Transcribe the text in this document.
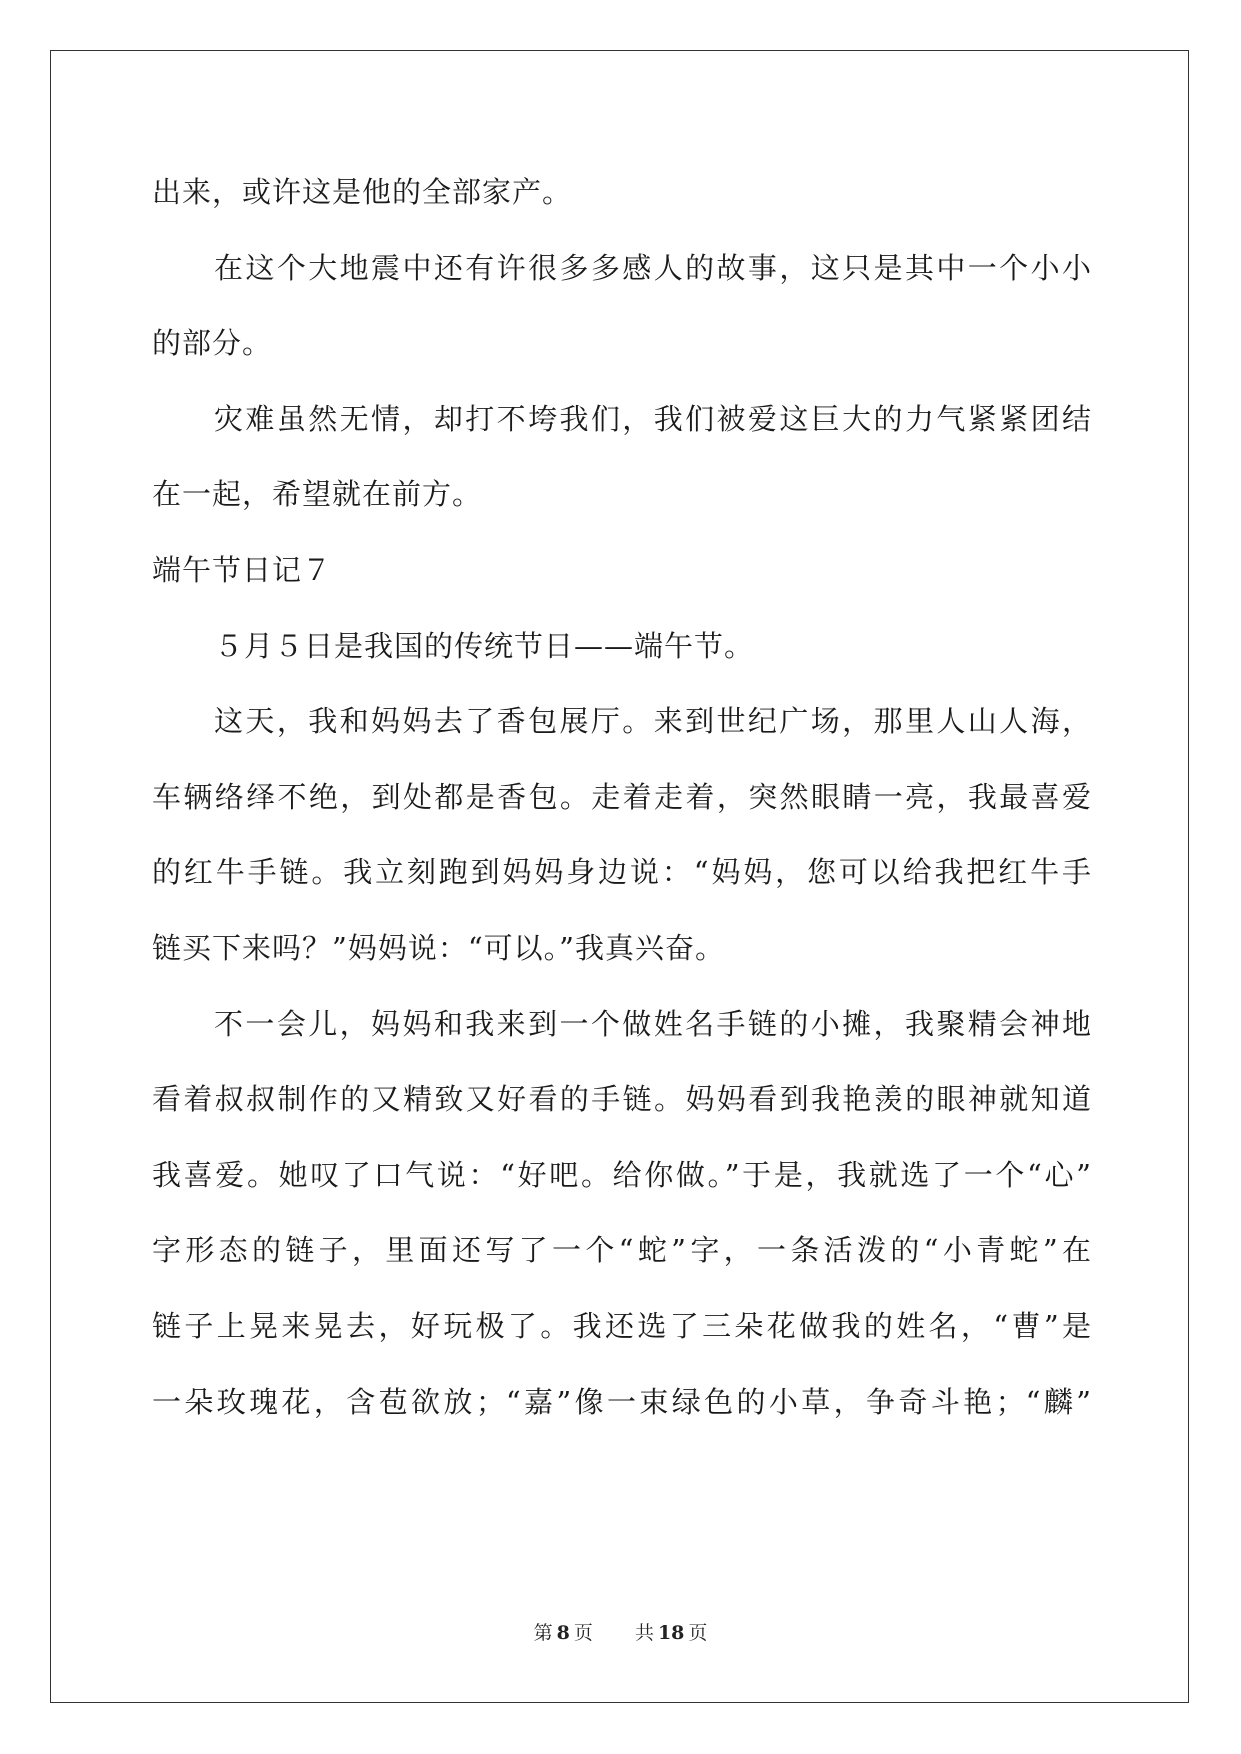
出来，或许这是他的全部家产。
在这个大地震中还有许很多多感人的故事，这只是其中一个小小
的部分。
灾难虽然无情，却打不垮我们，我们被爱这巨大的力气紧紧团结
在一起，希望就在前方。
端午节日记７
５月５日是我国的传统节日——端午节。
这天，我和妈妈去了香包展厅。来到世纪广场，那里人山人海，
车辆络绎不绝，到处都是香包。走着走着，突然眼睛一亮，我最喜爱
的红牛手链。我立刻跑到妈妈身边说：“妈妈，您可以给我把红牛手
链买下来吗？”妈妈说：“可以。”我真兴奋。
不一会儿，妈妈和我来到一个做姓名手链的小摊，我聚精会神地
看着叔叔制作的又精致又好看的手链。妈妈看到我艳羡的眼神就知道
我喜爱。她叹了口气说：“好吧。给你做。”于是，我就选了一个“心”
字形态的链子，里面还写了一个“蛇”字，一条活泼的“小青蛇”在
链子上晃来晃去，好玩极了。我还选了三朵花做我的姓名，“曹”是
一朵玫瑰花，含苞欲放；“嘉”像一束绿色的小草，争奇斗艳；“麟”
第 8 页 共 18 页
